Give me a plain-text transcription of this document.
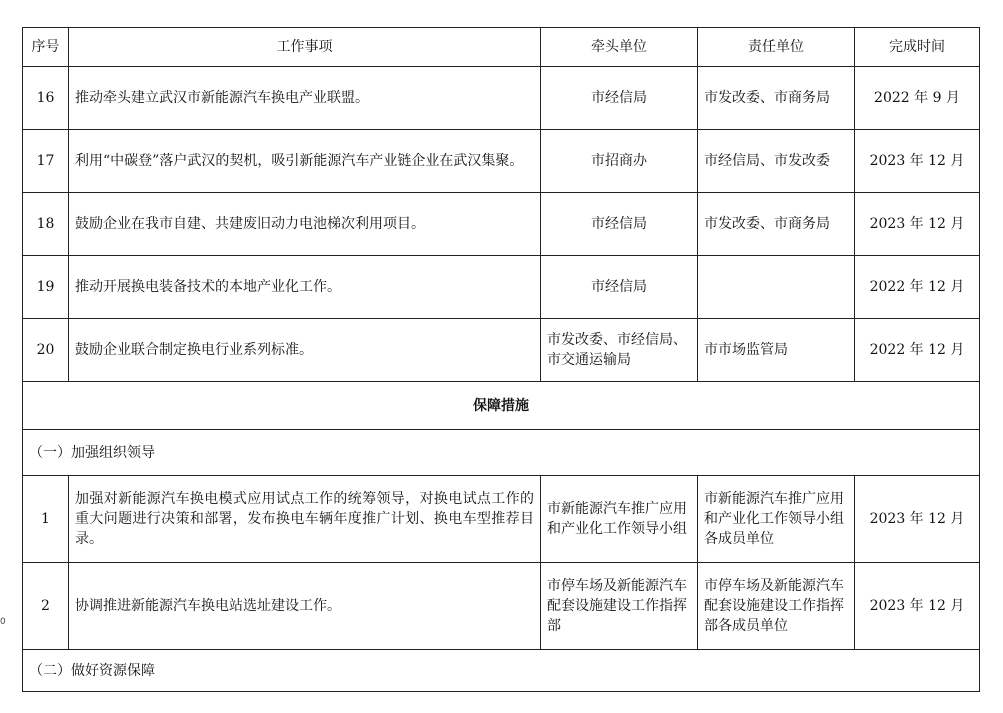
0
序号	工作事项	牵头单位	责任单位	完成时间
16	推动牵头建立武汉市新能源汽车换电产业联盟。	市经信局	市发改委、市商务局	2022 年 9 月
17	利用“中碳登”落户武汉的契机，吸引新能源汽车产业链企业在武汉集聚。	市招商办	市经信局、市发改委	2023 年 12 月
18	鼓励企业在我市自建、共建废旧动力电池梯次利用项目。	市经信局	市发改委、市商务局	2023 年 12 月
19	推动开展换电装备技术的本地产业化工作。	市经信局		2022 年 12 月
20	鼓励企业联合制定换电行业系列标准。	市发改委、市经信局、市交通运输局	市市场监管局	2022 年 12 月
保障措施				
（一）加强组织领导				
1	加强对新能源汽车换电模式应用试点工作的统筹领导，对换电试点工作的重大问题进行决策和部署，发布换电车辆年度推广计划、换电车型推荐目录。	市新能源汽车推广应用和产业化工作领导小组	市新能源汽车推广应用和产业化工作领导小组各成员单位	2023 年 12 月
2	协调推进新能源汽车换电站选址建设工作。	市停车场及新能源汽车配套设施建设工作指挥部	市停车场及新能源汽车配套设施建设工作指挥部各成员单位	2023 年 12 月
（二）做好资源保障				
